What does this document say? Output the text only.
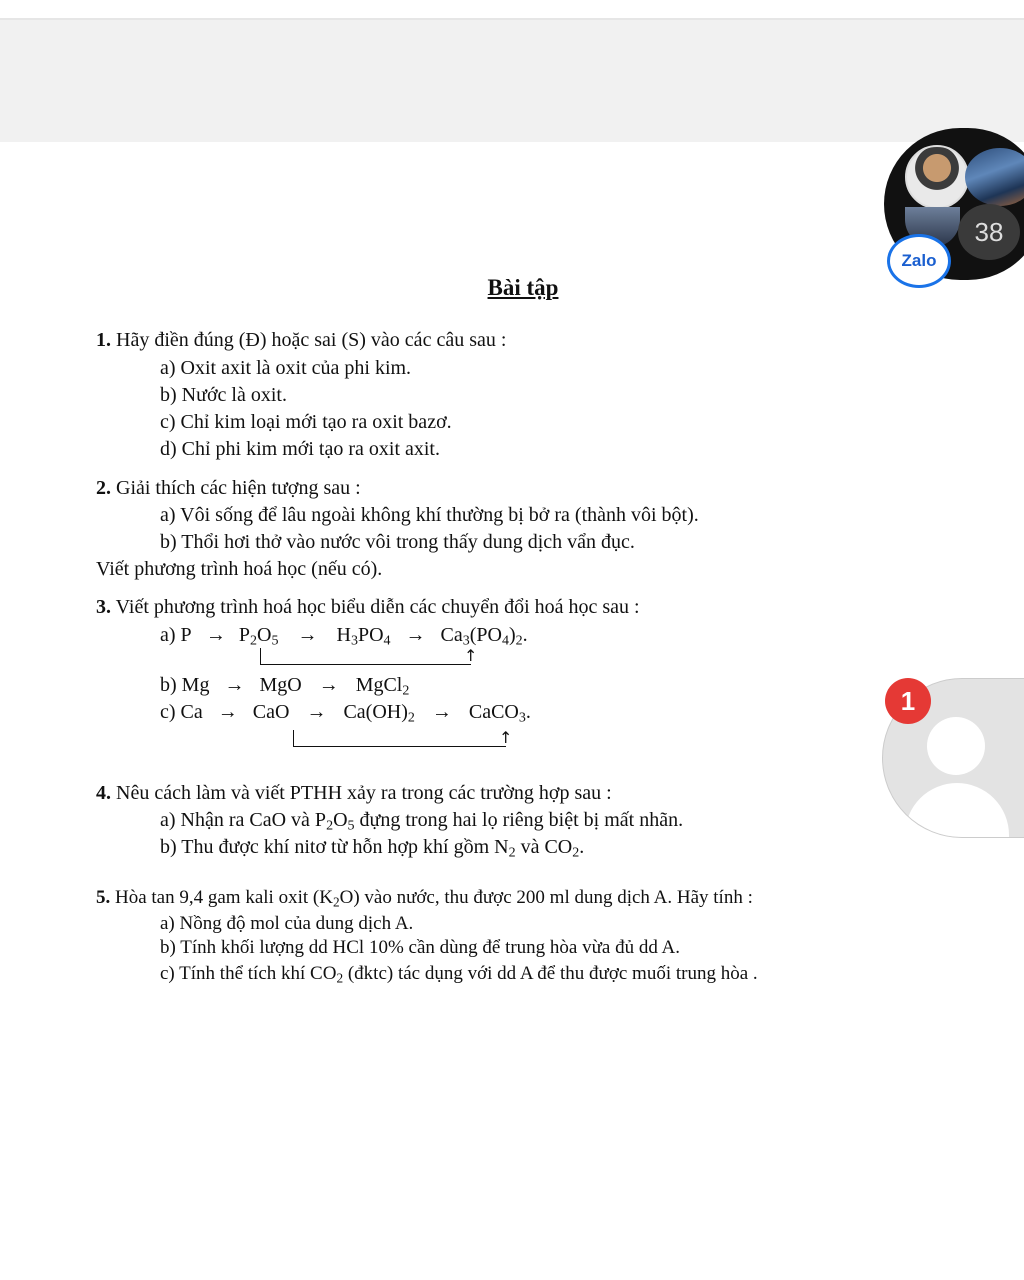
Bài tập
1. Hãy điền đúng (Đ) hoặc sai (S) vào các câu sau :
a) Oxit axit là oxit của phi kim.
b) Nước là oxit.
c) Chỉ kim loại mới tạo ra oxit bazơ.
d) Chỉ phi kim mới tạo ra oxit axit.
2. Giải thích các hiện tượng sau :
a) Vôi sống để lâu ngoài không khí thường bị bở ra (thành vôi bột).
b) Thổi hơi thở vào nước vôi trong thấy dung dịch vẩn đục.
Viết phương trình hoá học (nếu có).
3. Viết phương trình hoá học biểu diễn các chuyển đổi hoá học sau :
a) $P \to P_2O_5 \to H_3PO_4 \to Ca_3(PO_4)_2$.
↑
b) Mg → MgO → MgCl$_2$
c) Ca → CaO → $Ca(OH)_2$ → CaCO$_3$.
↑
4. Nêu cách làm và viết PTHH xảy ra trong các trường hợp sau :
a) Nhận ra CaO và $P_2O_5$ đựng trong hai lọ riêng biệt bị mất nhãn.
b) Thu được khí nitơ từ hỗn hợp khí gồm $N_2$ và $CO_2$.
5. Hòa tan 9,4 gam kali oxit $(K_2O)$ vào nước, thu được 200 ml dung dịch A. Hãy tính :
a) Nồng độ mol của dung dịch A.
b) Tính khối lượng dd HCl 10% cần dùng để trung hòa vừa đủ dd A.
c) Tính thể tích khí $CO_2$ (đktc) tác dụng với dd A để thu được muối trung hòa .
38
Zalo
1
